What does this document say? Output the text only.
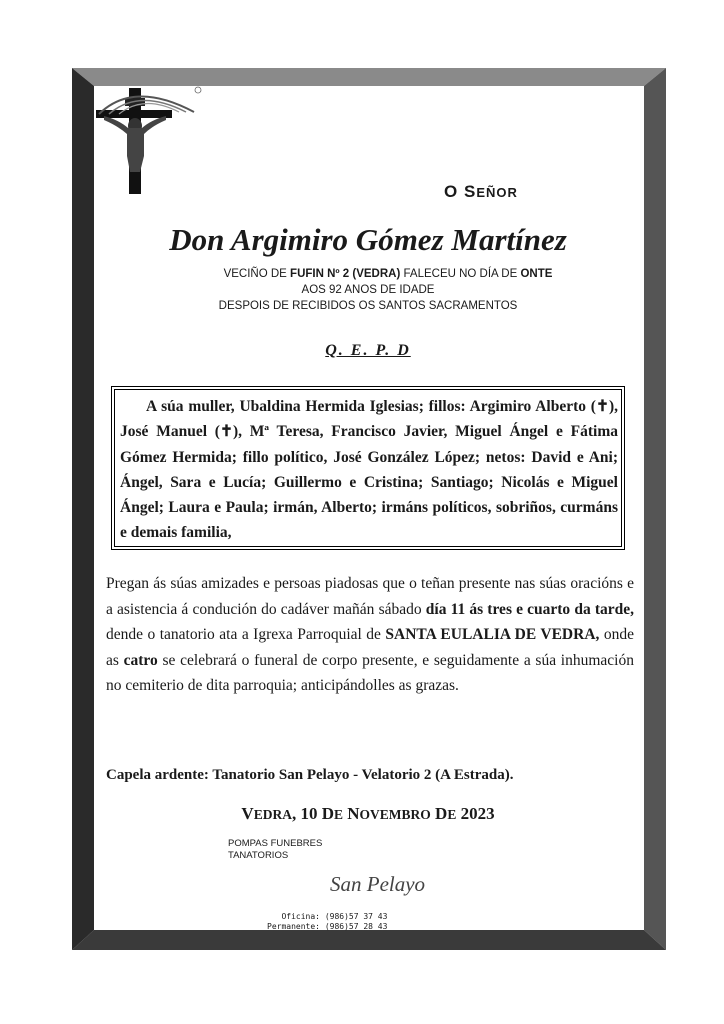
O SEÑOR
Don Argimiro Gómez Martínez
VECIÑO DE FUFIN Nº 2 (VEDRA) FALECEU NO DÍA DE ONTE
AOS 92 ANOS DE IDADE
DESPOIS DE RECIBIDOS OS SANTOS SACRAMENTOS
Q. E. P. D

A súa muller, Ubaldina Hermida Iglesias; fillos: Argimiro Alberto (✝), José Manuel (✝), Mª Teresa, Francisco Javier, Miguel Ángel e Fátima Gómez Hermida; fillo político, José González López; netos: David e Ani; Ángel, Sara e Lucía; Guillermo e Cristina; Santiago; Nicolás e Miguel Ángel; Laura e Paula; irmán, Alberto; irmáns políticos, sobriños, curmáns e demais familia,

Pregan ás súas amizades e persoas piadosas que o teñan presente nas súas oracións e a asistencia á condución do cadáver mañán sábado día 11 ás tres e cuarto da tarde, dende o tanatorio ata a Igrexa Parroquial de SANTA EULALIA DE VEDRA, onde as catro se celebrará o funeral de corpo presente, e seguidamente a súa inhumación no cemiterio de dita parroquia; anticipándolles as grazas.

Capela ardente: Tanatorio San Pelayo - Velatorio 2 (A Estrada).
VEDRA, 10 DE NOVEMBRO DE 2023
POMPAS FUNEBRES
TANATORIOS
San Pelayo
Oficina: (986)57 37 43
Permanente: (986)57 28 43
